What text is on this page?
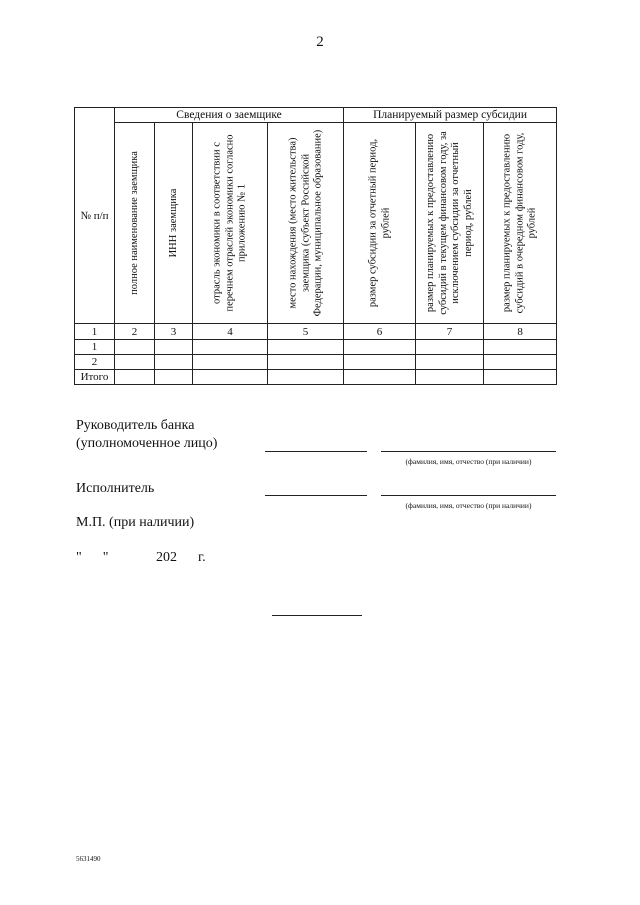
2
№ п/п	Сведения о заемщике				Планируемый размер субсидии		

	полное наименование заемщика	ИНН заемщика	отрасль экономики в соответствии с перечнем отраслей экономики согласно приложению № 1	место нахождения (место жительства) заемщика (субъект Российской Федерации, муниципальное образование)	размер субсидии за отчетный период, рублей	размер планируемых к предоставлению субсидий в текущем финансовом году, за исключением субсидии за отчетный период, рублей	размер планируемых к предоставлению субсидий в очередном финансовом году, рублей

1	2	3	4	5	6	7	8
1							
2							
Итого							
Руководитель банка
(уполномоченное лицо)
(фамилия, имя, отчество (при наличии)
Исполнитель
(фамилия, имя, отчество (при наличии)
М.П. (при наличии)
"      "	202 г.
5631490
